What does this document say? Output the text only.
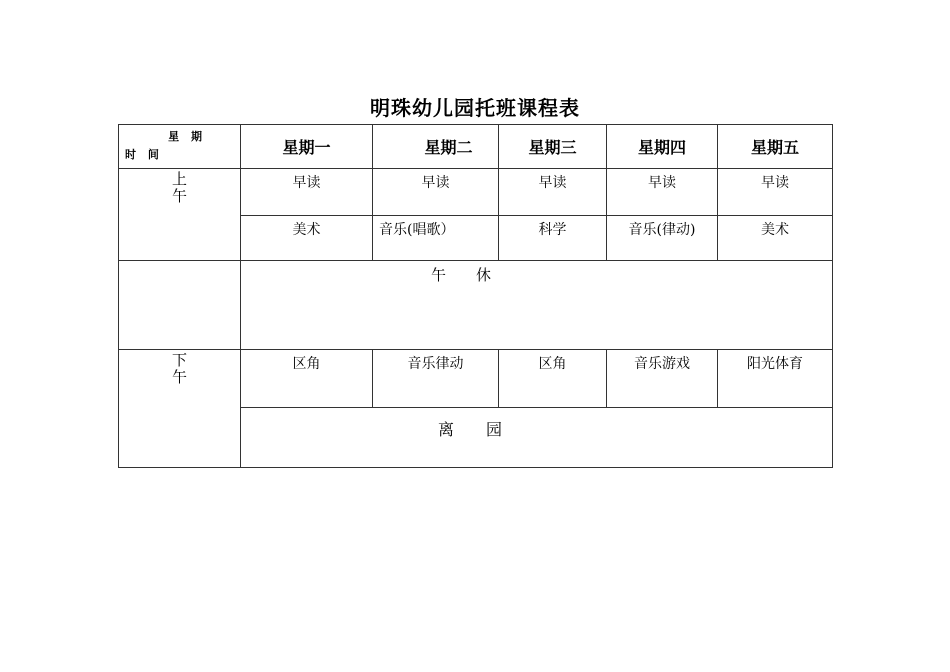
明珠幼儿园托班课程表
星 期
时 间	星期一	星期二	星期三	星期四	星期五

上
午	早读	早读	早读	早读	早读
	美术	音乐(唱歌）	科学	音乐(律动)	美术
	午　　休				

下
午	区角	音乐律动	区角	音乐游戏	阳光体育
	离　　园				
